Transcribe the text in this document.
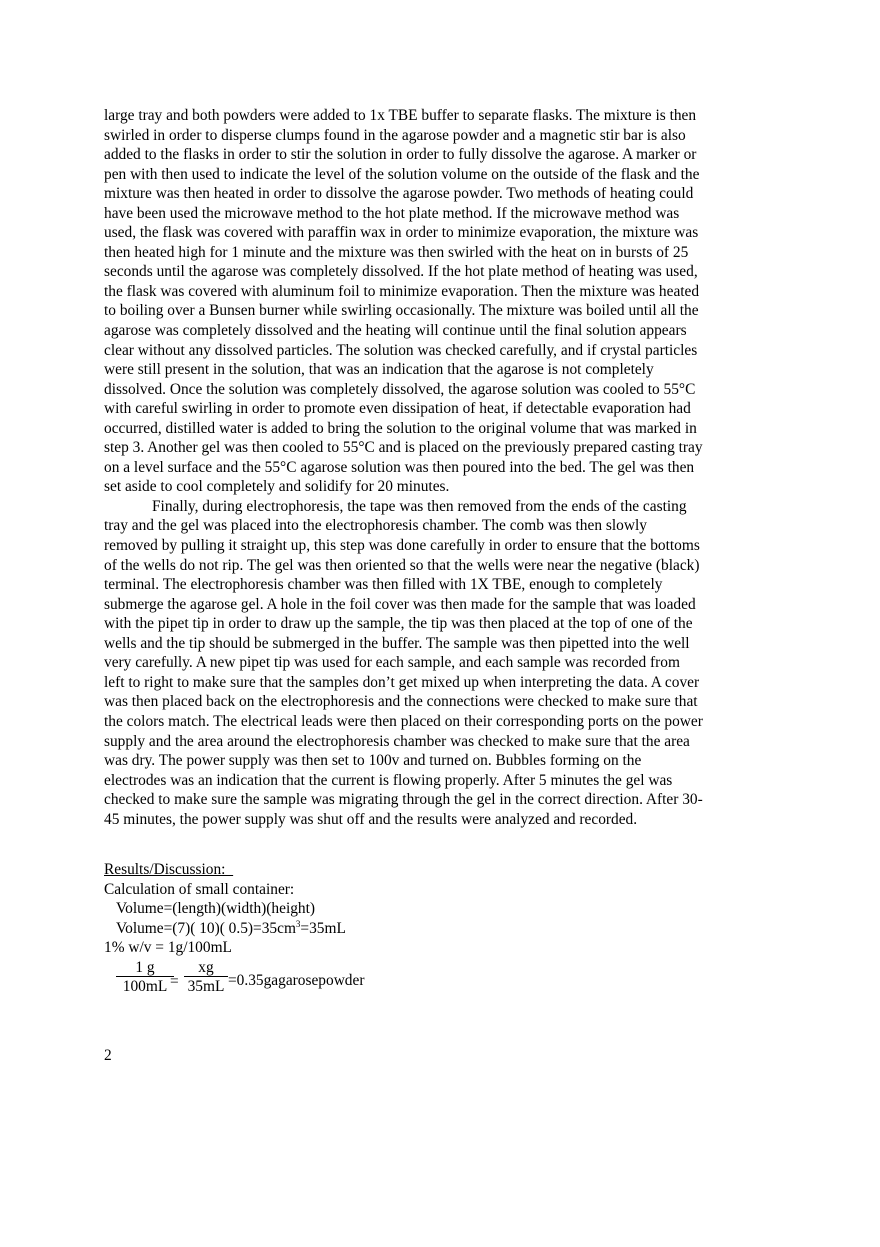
large tray and both powders were added to 1x TBE buffer to separate flasks. The mixture is then
swirled in order to disperse clumps found in the agarose powder and a magnetic stir bar is also
added to the flasks in order to stir the solution in order to fully dissolve the agarose. A marker or
pen with then used to indicate the level of the solution volume on the outside of the flask and the
mixture was then heated in order to dissolve the agarose powder. Two methods of heating could
have been used the microwave method to the hot plate method. If the microwave method was
used, the flask was covered with paraffin wax in order to minimize evaporation, the mixture was
then heated high for 1 minute and the mixture was then swirled with the heat on in bursts of 25
seconds until the agarose was completely dissolved. If the hot plate method of heating was used,
the flask was covered with aluminum foil to minimize evaporation. Then the mixture was heated
to boiling over a Bunsen burner while swirling occasionally. The mixture was boiled until all the
agarose was completely dissolved and the heating will continue until the final solution appears
clear without any dissolved particles. The solution was checked carefully, and if crystal particles
were still present in the solution, that was an indication that the agarose is not completely
dissolved. Once the solution was completely dissolved, the agarose solution was cooled to 55°C
with careful swirling in order to promote even dissipation of heat, if detectable evaporation had
occurred, distilled water is added to bring the solution to the original volume that was marked in
step 3. Another gel was then cooled to 55°C and is placed on the previously prepared casting tray
on a level surface and the 55°C agarose solution was then poured into the bed. The gel was then
set aside to cool completely and solidify for 20 minutes.
Finally, during electrophoresis, the tape was then removed from the ends of the casting
tray and the gel was placed into the electrophoresis chamber. The comb was then slowly
removed by pulling it straight up, this step was done carefully in order to ensure that the bottoms
of the wells do not rip. The gel was then oriented so that the wells were near the negative (black)
terminal. The electrophoresis chamber was then filled with 1X TBE, enough to completely
submerge the agarose gel. A hole in the foil cover was then made for the sample that was loaded
with the pipet tip in order to draw up the sample, the tip was then placed at the top of one of the
wells and the tip should be submerged in the buffer. The sample was then pipetted into the well
very carefully. A new pipet tip was used for each sample, and each sample was recorded from
left to right to make sure that the samples don’t get mixed up when interpreting the data. A cover
was then placed back on the electrophoresis and the connections were checked to make sure that
the colors match. The electrical leads were then placed on their corresponding ports on the power
supply and the area around the electrophoresis chamber was checked to make sure that the area
was dry. The power supply was then set to 100v and turned on. Bubbles forming on the
electrodes was an indication that the current is flowing properly. After 5 minutes the gel was
checked to make sure the sample was migrating through the gel in the correct direction. After 30-
45 minutes, the power supply was shut off and the results were analyzed and recorded.
Results/Discussion:
Calculation of small container:
Volume=(length)(width)(height)
Volume=(7)( 10)( $0.5)=35cm^3=35mL$
1% w/v = 1g/100mL
$\frac{1 g}{100mL}$
= $\frac{xg}{35mL}$ =0.35gagarosepowder
2
